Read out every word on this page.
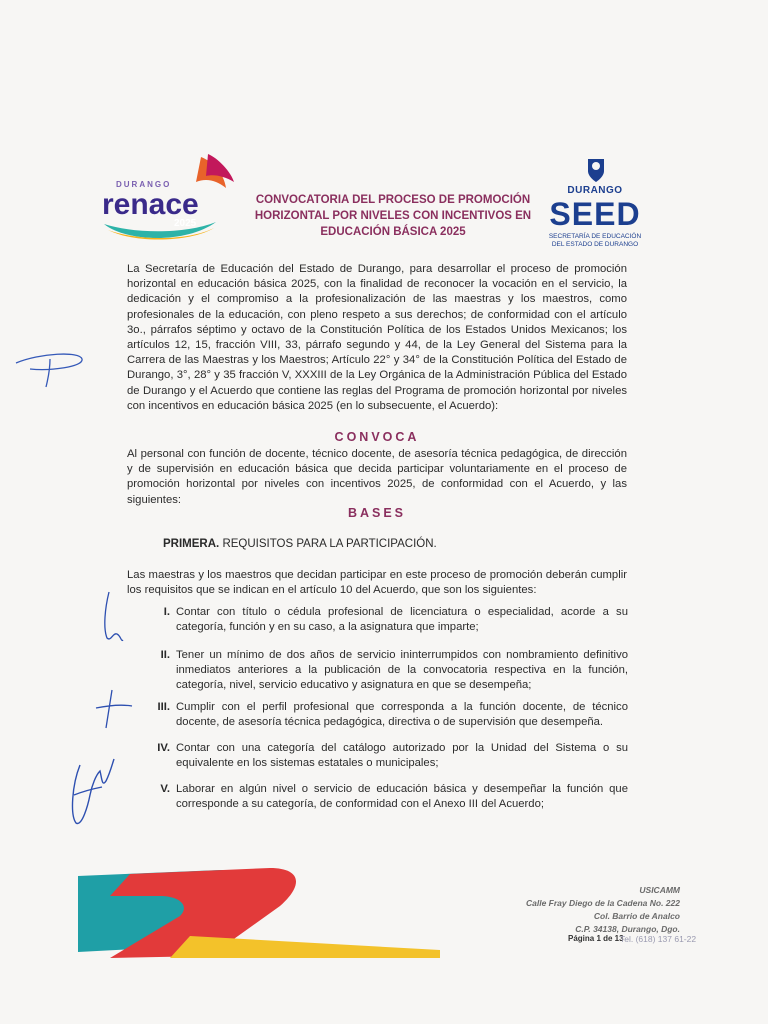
DURANGO
renace
2025
CONVOCATORIA DEL PROCESO DE PROMOCIÓN HORIZONTAL POR NIVELES CON INCENTIVOS EN EDUCACIÓN BÁSICA 2025
DURANGO
SEED
SECRETARÍA DE EDUCACIÓN
DEL ESTADO DE DURANGO
La Secretaría de Educación del Estado de Durango, para desarrollar el proceso de promoción horizontal en educación básica 2025, con la finalidad de reconocer la vocación en el servicio, la dedicación y el compromiso a la profesionalización de las maestras y los maestros, como profesionales de la educación, con pleno respeto a sus derechos; de conformidad con el artículo 3o., párrafos séptimo y octavo de la Constitución Política de los Estados Unidos Mexicanos; los artículos 12, 15, fracción VIII, 33, párrafo segundo y 44, de la Ley General del Sistema para la Carrera de las Maestras y los Maestros; Artículo 22° y 34° de la Constitución Política del Estado de Durango, 3°, 28° y 35 fracción V, XXXIII de la Ley Orgánica de la Administración Pública del Estado de Durango y el Acuerdo que contiene las reglas del Programa de promoción horizontal por niveles con incentivos en educación básica 2025 (en lo subsecuente, el Acuerdo):
CONVOCA
Al personal con función de docente, técnico docente, de asesoría técnica pedagógica, de dirección y de supervisión en educación básica que decida participar voluntariamente en el proceso de promoción horizontal por niveles con incentivos 2025, de conformidad con el Acuerdo, y las siguientes:
BASES
PRIMERA. REQUISITOS PARA LA PARTICIPACIÓN.
Las maestras y los maestros que decidan participar en este proceso de promoción deberán cumplir los requisitos que se indican en el artículo 10 del Acuerdo, que son los siguientes:
I. Contar con título o cédula profesional de licenciatura o especialidad, acorde a su categoría, función y en su caso, a la asignatura que imparte;
II. Tener un mínimo de dos años de servicio ininterrumpidos con nombramiento definitivo inmediatos anteriores a la publicación de la convocatoria respectiva en la función, categoría, nivel, servicio educativo y asignatura en que se desempeña;
III. Cumplir con el perfil profesional que corresponda a la función docente, de técnico docente, de asesoría técnica pedagógica, directiva o de supervisión que desempeña.
IV. Contar con una categoría del catálogo autorizado por la Unidad del Sistema o su equivalente en los sistemas estatales o municipales;
V. Laborar en algún nivel o servicio de educación básica y desempeñar la función que corresponde a su categoría, de conformidad con el Anexo III del Acuerdo;
USICAMM
Calle Fray Diego de la Cadena No. 222
Col. Barrio de Analco
C.P. 34138, Durango, Dgo.
Página 1 de 13
Tel. (618) 137 61-22
